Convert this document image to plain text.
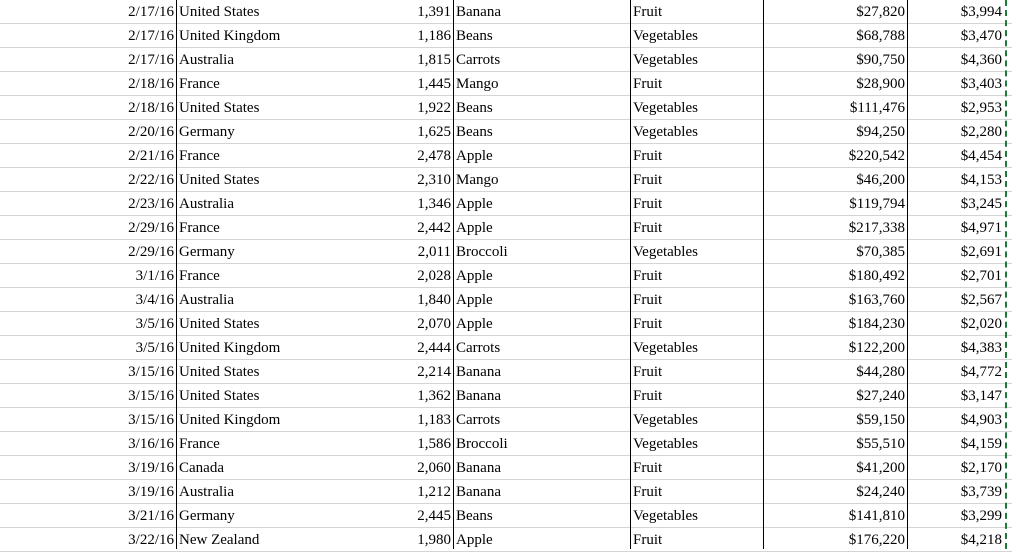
2/17/16 United States	1,391 Banana	Fruit	$27,820	$3,994
2/17/16 United Kingdom	1,186 Beans	Vegetables	$68,788	$3,470
2/17/16 Australia	1,815 Carrots	Vegetables	$90,750	$4,360
2/18/16 France	1,445 Mango	Fruit	$28,900	$3,403
2/18/16 United States	1,922 Beans	Vegetables	$111,476	$2,953
2/20/16 Germany	1,625 Beans	Vegetables	$94,250	$2,280
2/21/16 France	2,478 Apple	Fruit	$220,542	$4,454
2/22/16 United States	2,310 Mango	Fruit	$46,200	$4,153
2/23/16 Australia	1,346 Apple	Fruit	$119,794	$3,245
2/29/16 France	2,442 Apple	Fruit	$217,338	$4,971
2/29/16 Germany	2,011 Broccoli	Vegetables	$70,385	$2,691
3/1/16 France	2,028 Apple	Fruit	$180,492	$2,701
3/4/16 Australia	1,840 Apple	Fruit	$163,760	$2,567
3/5/16 United States	2,070 Apple	Fruit	$184,230	$2,020
3/5/16 United Kingdom	2,444 Carrots	Vegetables	$122,200	$4,383
3/15/16 United States	2,214 Banana	Fruit	$44,280	$4,772
3/15/16 United States	1,362 Banana	Fruit	$27,240	$3,147
3/15/16 United Kingdom	1,183 Carrots	Vegetables	$59,150	$4,903
3/16/16 France	1,586 Broccoli	Vegetables	$55,510	$4,159
3/19/16 Canada	2,060 Banana	Fruit	$41,200	$2,170
3/19/16 Australia	1,212 Banana	Fruit	$24,240	$3,739
3/21/16 Germany	2,445 Beans	Vegetables	$141,810	$3,299
3/22/16 New Zealand	1,980 Apple	Fruit	$176,220	$4,218
